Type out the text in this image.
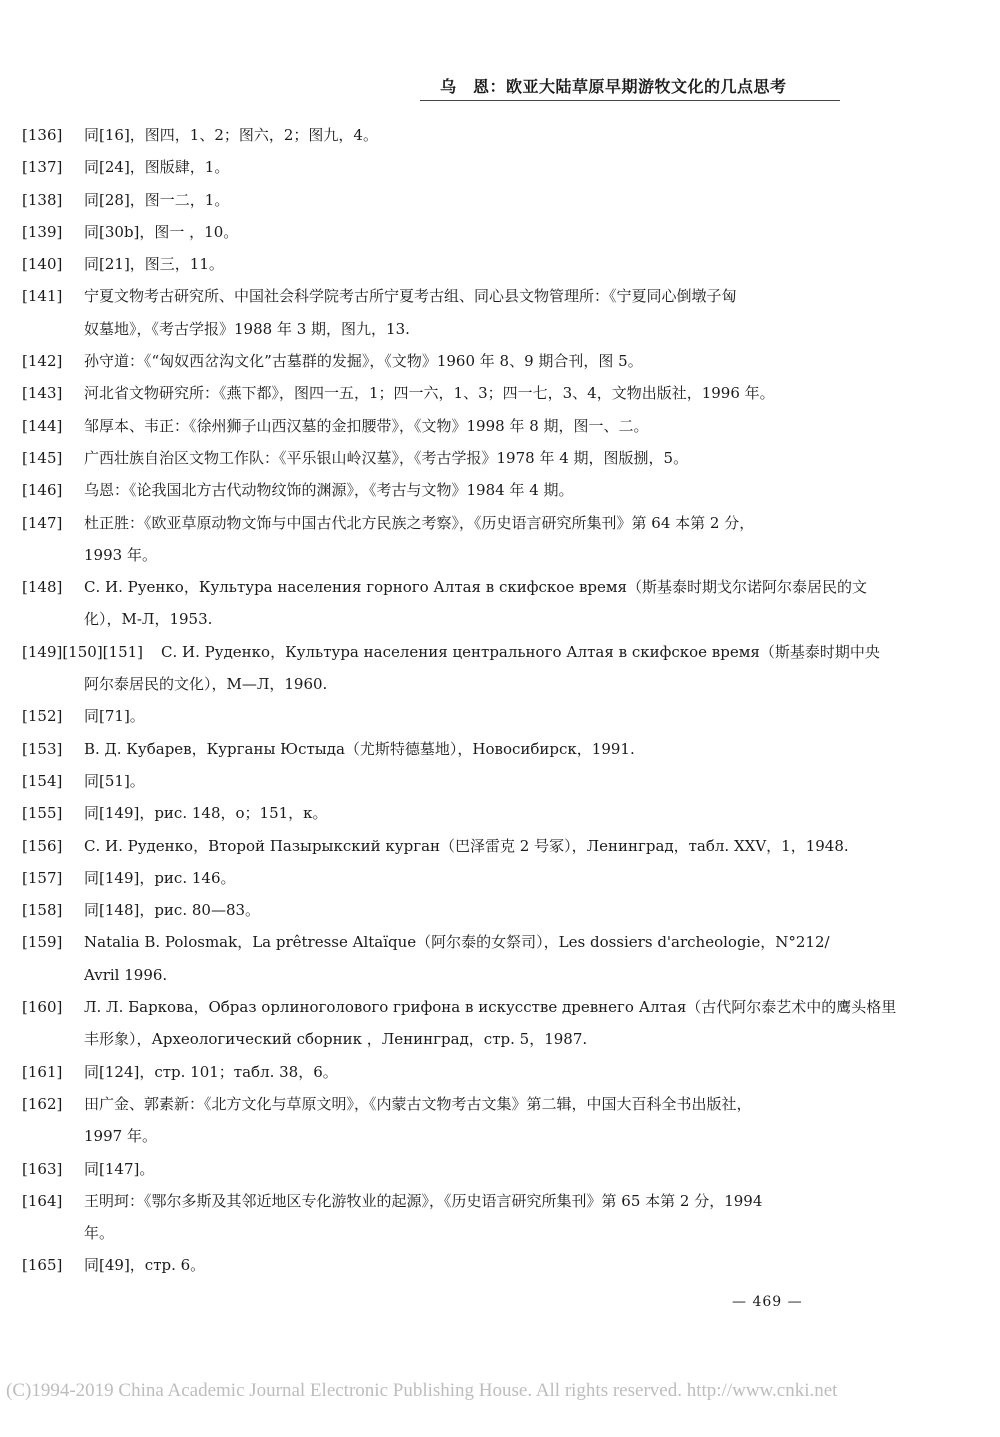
乌　恩：欧亚大陆草原早期游牧文化的几点思考
[136] 同[16]，图四，1、2；图六，2；图九，4。
[137] 同[24]，图版肆，1。
[138] 同[28]，图一二，1。
[139] 同[30b]，图一 ，10。
[140] 同[21]，图三，11。
[141] 宁夏文物考古研究所、中国社会科学院考古所宁夏考古组、同心县文物管理所：《宁夏同心倒墩子匈
奴墓地》，《考古学报》1988 年 3 期，图九，13.
[142] 孙守道：《“匈奴西岔沟文化”古墓群的发掘》，《文物》1960 年 8、9 期合刊，图 5。
[143] 河北省文物研究所：《燕下都》，图四一五，1；四一六，1、3；四一七，3、4，文物出版社，1996 年。
[144] 邹厚本、韦正：《徐州狮子山西汉墓的金扣腰带》，《文物》1998 年 8 期，图一、二。
[145] 广西壮族自治区文物工作队：《平乐银山岭汉墓》，《考古学报》1978 年 4 期，图版捌，5。
[146] 乌恩：《论我国北方古代动物纹饰的渊源》，《考古与文物》1984 年 4 期。
[147] 杜正胜：《欧亚草原动物文饰与中国古代北方民族之考察》，《历史语言研究所集刊》第 64 本第 2 分，
1993 年。
[148] С. И. Руенко，Культура населения горного Алтая в скифское время（斯基泰时期戈尔诺阿尔泰居民的文
化），М-Л，1953.
[149][150][151] С. И. Руденко，Культура населения центрального Алтая в скифское время（斯基泰时期中央
阿尔泰居民的文化），М—Л，1960.
[152] 同[71]。
[153] В. Д. Кубарев，Курганы Юстыда（尤斯特德墓地），Новосибирск，1991.
[154] 同[51]。
[155] 同[149]，рис. 148，о；151，к。
[156] С. И. Руденко，Второй Пазырыкский курган（巴泽雷克 2 号冢），Ленинград，табл. ⅩⅩⅤ，1，1948.
[157] 同[149]，рис. 146。
[158] 同[148]，рис. 80—83。
[159] Natalia B. Polosmak，La prêtresse Altaïque（阿尔泰的女祭司），Les dossiers d'archeologie，N°212/
Avril 1996.
[160] Л. Л. Баркова，Образ орлиноголового грифона в искусстве древнего Алтая（古代阿尔泰艺术中的鹰头格里
丰形象），Археологический сборник ，Ленинград，стр. 5，1987.
[161] 同[124]，стр. 101；табл. 38，6。
[162] 田广金、郭素新：《北方文化与草原文明》，《内蒙古文物考古文集》第二辑，中国大百科全书出版社，
1997 年。
[163] 同[147]。
[164] 王明珂：《鄂尔多斯及其邻近地区专化游牧业的起源》，《历史语言研究所集刊》第 65 本第 2 分，1994
年。
[165] 同[49]，стр. 6。
— 469 —
(C)1994-2019 China Academic Journal Electronic Publishing House. All rights reserved. http://www.cnki.net
